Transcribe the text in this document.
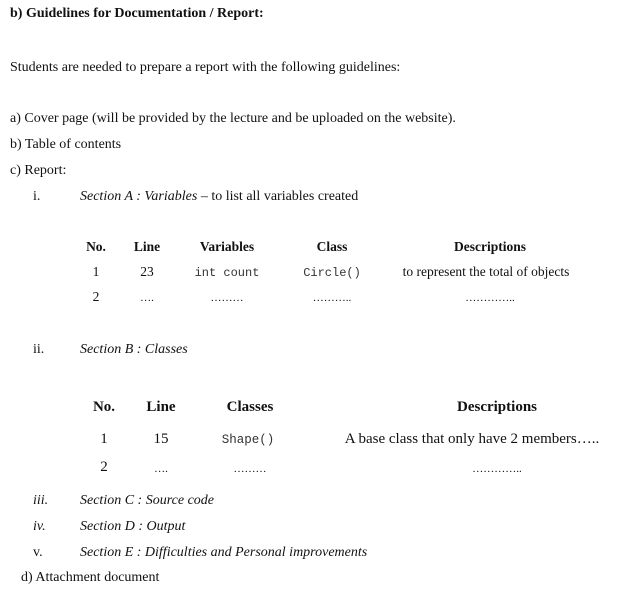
b) Guidelines for Documentation / Report:
Students are needed to prepare a report with the following guidelines:
a) Cover page (will be provided by the lecture and be uploaded on the website).
b) Table of contents
c) Report:
i.	Section A : Variables – to list all variables created
No. Line	Variables	Class	Descriptions
1	23	int count	Circle()	to represent the total of objects
2	….	………	………..	…………..
ii.	Section B : Classes
No. Line	Classes	Descriptions
1	15	Shape()	A base class that only have 2 members…..
2	….	………	…………..
iii. Section C : Source code
iv. Section D : Output
v.	Section E : Difficulties and Personal improvements
d) Attachment document
